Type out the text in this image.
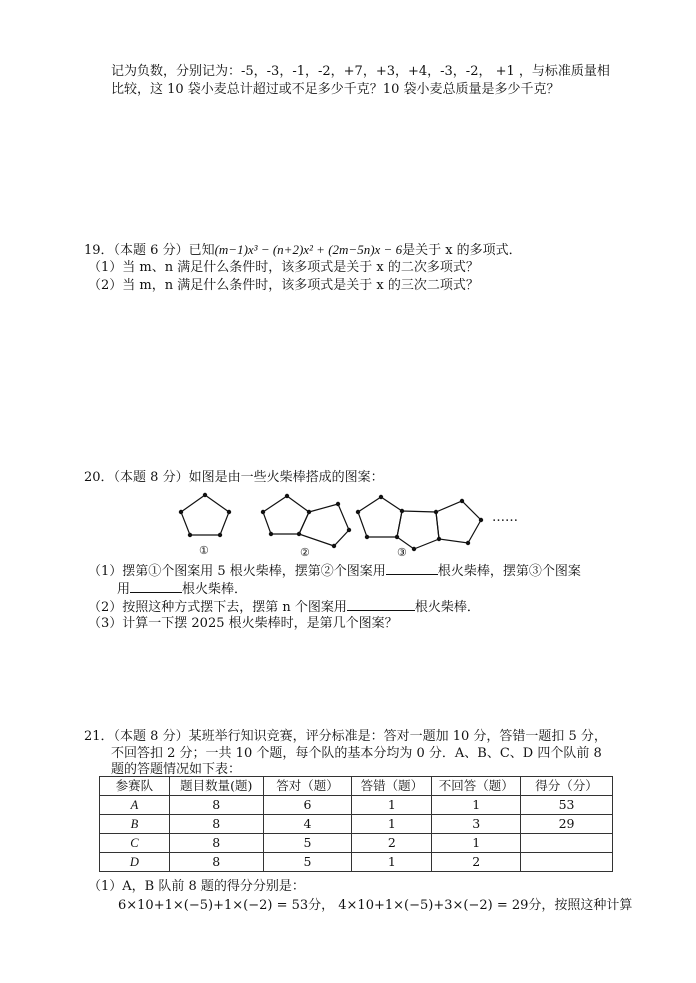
记为负数，分别记为：-5，-3，-1，-2，+7，+3，+4，-3，-2， +1 ，与标准质量相
比较，这 10 袋小麦总计超过或不足多少千克？10 袋小麦总质量是多少千克？
19．（本题 6 分）已知(m−1)x³ − (n+2)x² + (2m−5n)x − 6是关于 x 的多项式．
（1）当 m、n 满足什么条件时，该多项式是关于 x 的二次多项式？
（2）当 m，n 满足什么条件时，该多项式是关于 x 的三次二项式？
20．（本题 8 分）如图是由一些火柴棒搭成的图案：
①	②	③
……
（1）摆第①个图案用 5 根火柴棒，摆第②个图案用	根火柴棒，摆第③个图案
用	根火柴棒．
（2）按照这种方式摆下去，摆第 n 个图案用	根火柴棒．
（3）计算一下摆 2025 根火柴棒时，是第几个图案？
21．（本题 8 分）某班举行知识竞赛，评分标准是：答对一题加 10 分，答错一题扣 5 分，
不回答扣 2 分；一共 10 个题，每个队的基本分均为 0 分．A、B、C、D 四个队前 8
题的答题情况如下表：
参赛队	题目数量(题)	答对（题）	答错（题）	不回答（题）	得分（分）
A	8	6	1	1	53
B	8	4	1	3	29
C	8	5	2	1	
D	8	5	1	2	
（1）A，B 队前 8 题的得分分别是：
6×10+1×(−5)+1×(−2) = 53分， 4×10+1×(−5)+3×(−2) = 29分，按照这种计算
